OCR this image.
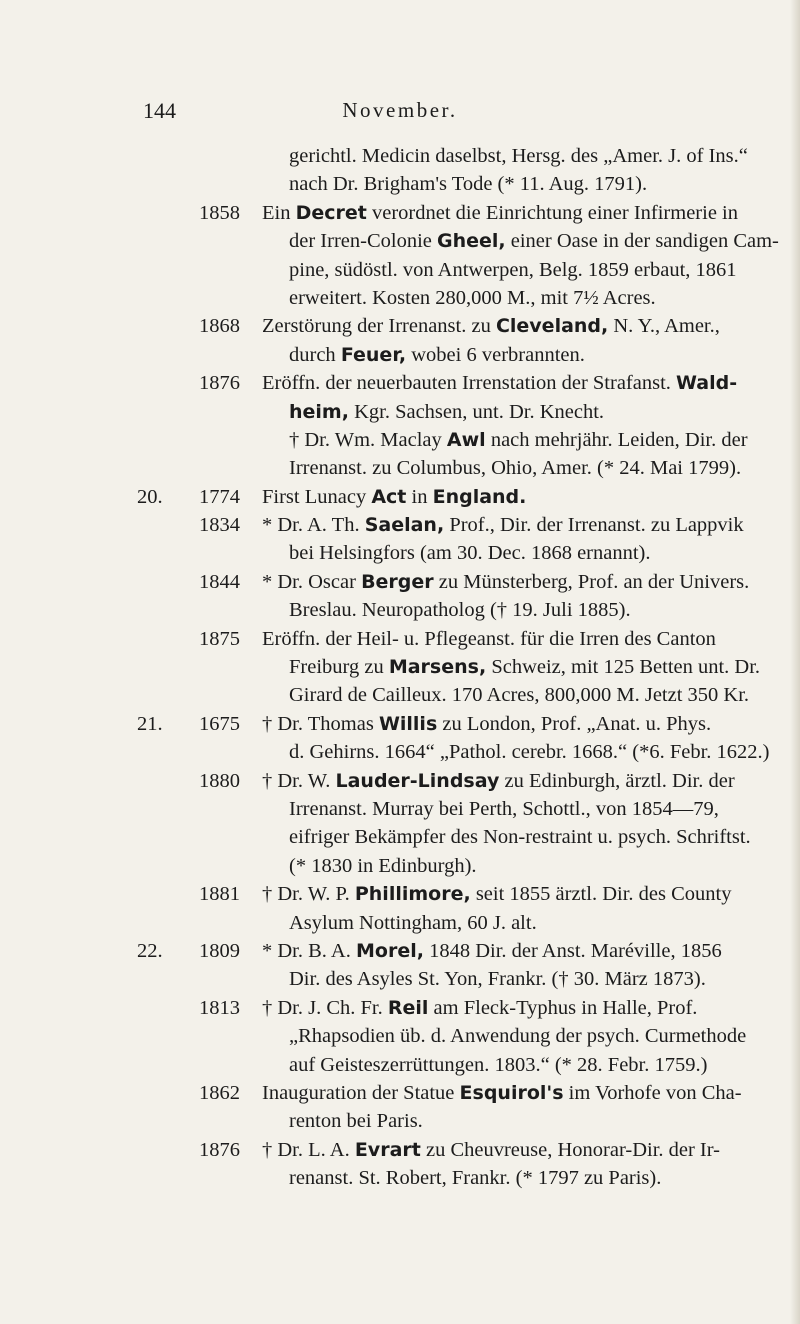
144	November.
gerichtl. Medicin daselbst, Hersg. des „Amer. J. of Ins.“
nach Dr. Brigham's Tode (* 11. Aug. 1791).
1858 Ein Decret verordnet die Einrichtung einer Infirmerie in
der Irren-Colonie Gheel, einer Oase in der sandigen Cam-
pine, südöstl. von Antwerpen, Belg. 1859 erbaut, 1861
erweitert. Kosten 280,000 M., mit 7½ Acres.
1868 Zerstörung der Irrenanst. zu Cleveland, N. Y., Amer.,
durch Feuer, wobei 6 verbrannten.
1876 Eröffn. der neuerbauten Irrenstation der Strafanst. Wald-
heim, Kgr. Sachsen, unt. Dr. Knecht.
† Dr. Wm. Maclay Awl nach mehrjähr. Leiden, Dir. der
Irrenanst. zu Columbus, Ohio, Amer. (* 24. Mai 1799).
20. 1774 First Lunacy Act in England.
1834 * Dr. A. Th. Saelan, Prof., Dir. der Irrenanst. zu Lappvik
bei Helsingfors (am 30. Dec. 1868 ernannt).
1844 * Dr. Oscar Berger zu Münsterberg, Prof. an der Univers.
Breslau. Neuropatholog († 19. Juli 1885).
1875 Eröffn. der Heil- u. Pflegeanst. für die Irren des Canton
Freiburg zu Marsens, Schweiz, mit 125 Betten unt. Dr.
Girard de Cailleux. 170 Acres, 800,000 M. Jetzt 350 Kr.
21. 1675 † Dr. Thomas Willis zu London, Prof. „Anat. u. Phys.
d. Gehirns. 1664“ „Pathol. cerebr. 1668.“ (*6. Febr. 1622.)
1880 † Dr. W. Lauder-Lindsay zu Edinburgh, ärztl. Dir. der
Irrenanst. Murray bei Perth, Schottl., von 1854—79,
eifriger Bekämpfer des Non-restraint u. psych. Schriftst.
(* 1830 in Edinburgh).
1881 † Dr. W. P. Phillimore, seit 1855 ärztl. Dir. des County
Asylum Nottingham, 60 J. alt.
22. 1809 * Dr. B. A. Morel, 1848 Dir. der Anst. Maréville, 1856
Dir. des Asyles St. Yon, Frankr. († 30. März 1873).
1813 † Dr. J. Ch. Fr. Reil am Fleck-Typhus in Halle, Prof.
„Rhapsodien üb. d. Anwendung der psych. Curmethode
auf Geisteszerrüttungen. 1803.“ (* 28. Febr. 1759.)
1862 Inauguration der Statue Esquirol's im Vorhofe von Cha-
renton bei Paris.
1876 † Dr. L. A. Evrart zu Cheuvreuse, Honorar-Dir. der Ir-
renanst. St. Robert, Frankr. (* 1797 zu Paris).
